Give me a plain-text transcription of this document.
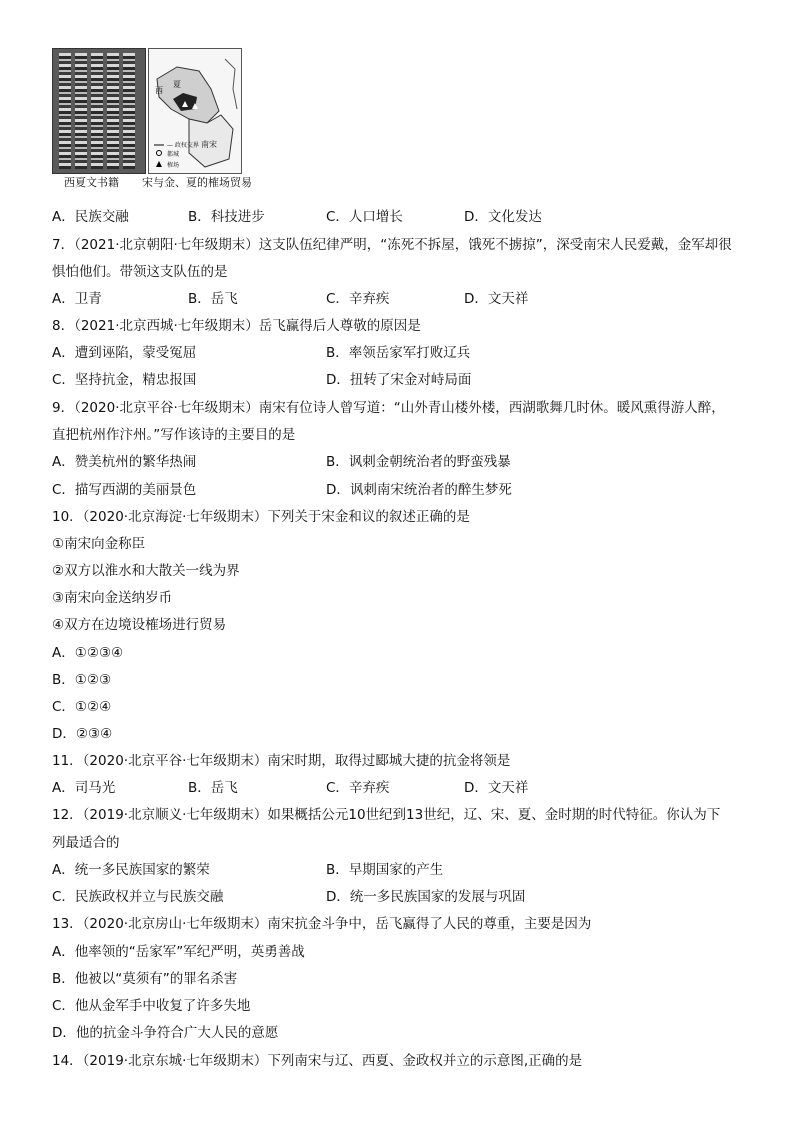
西
夏
南宋
— 政权交界
都城
榷场
西夏文书籍 宋与金、夏的榷场贸易
A．民族交融	B．科技进步	C．人口增长	D．文化发达
7．（2021·北京朝阳·七年级期末）这支队伍纪律严明，“冻死不拆屋，饿死不掳掠”，深受南宋人民爱戴，金军却很
惧怕他们。带领这支队伍的是
A．卫青	B．岳飞	C．辛弃疾	D．文天祥
8．（2021·北京西城·七年级期末）岳飞赢得后人尊敬的原因是
A．遭到诬陷，蒙受冤屈	B．率领岳家军打败辽兵
C．坚持抗金，精忠报国	D．扭转了宋金对峙局面
9．（2020·北京平谷·七年级期末）南宋有位诗人曾写道：“山外青山楼外楼，西湖歌舞几时休。暖风熏得游人醉，
直把杭州作汴州。”写作该诗的主要目的是
A．赞美杭州的繁华热闹	B．讽刺金朝统治者的野蛮残暴
C．描写西湖的美丽景色	D．讽刺南宋统治者的醉生梦死
10．（2020·北京海淀·七年级期末）下列关于宋金和议的叙述正确的是
①南宋向金称臣
②双方以淮水和大散关一线为界
③南宋向金送纳岁币
④双方在边境设榷场进行贸易
A．①②③④
B．①②③
C．①②④
D．②③④
11．（2020·北京平谷·七年级期末）南宋时期，取得过郾城大捷的抗金将领是
A．司马光	B．岳飞	C．辛弃疾	D．文天祥
12．（2019·北京顺义·七年级期末）如果概括公元10世纪到13世纪，辽、宋、夏、金时期的时代特征。你认为下
列最适合的
A．统一多民族国家的繁荣	B．早期国家的产生
C．民族政权并立与民族交融	D．统一多民族国家的发展与巩固
13．（2020·北京房山·七年级期末）南宋抗金斗争中，岳飞赢得了人民的尊重，主要是因为
A．他率领的“岳家军”军纪严明，英勇善战
B．他被以“莫须有”的罪名杀害
C．他从金军手中收复了许多失地
D．他的抗金斗争符合广大人民的意愿
14．（2019·北京东城·七年级期末）下列南宋与辽、西夏、金政权并立的示意图,正确的是
